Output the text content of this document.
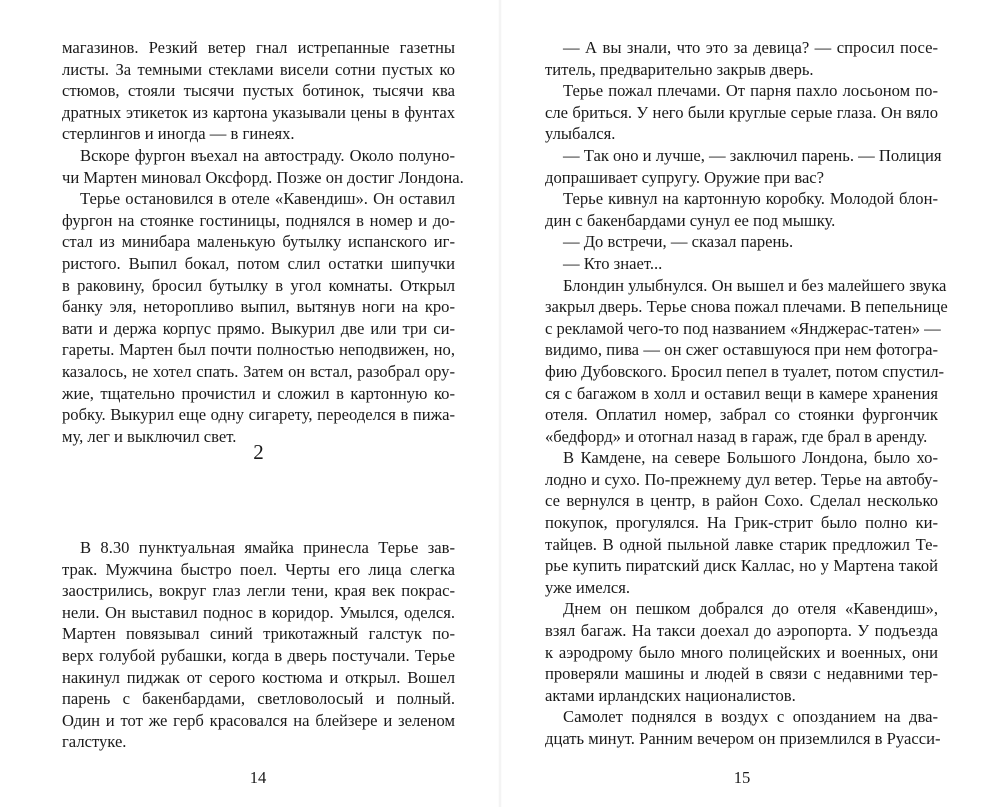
магазинов. Резкий ветер гнал истрепанные газетны
листы. За темными стеклами висели сотни пустых ко
стюмов, стояли тысячи пустых ботинок, тысячи ква
дратных этикеток из картона указывали цены в фунтах
стерлингов и иногда — в гинеях.
Вскоре фургон въехал на автостраду. Около полуно-
чи Мартен миновал Оксфорд. Позже он достиг Лондона.
Терье остановился в отеле «Кавендиш». Он оставил
фургон на стоянке гостиницы, поднялся в номер и до-
стал из минибара маленькую бутылку испанского иг-
ристого. Выпил бокал, потом слил остатки шипучки
в раковину, бросил бутылку в угол комнаты. Открыл
банку эля, неторопливо выпил, вытянув ноги на кро-
вати и держа корпус прямо. Выкурил две или три си-
гареты. Мартен был почти полностью неподвижен, но,
казалось, не хотел спать. Затем он встал, разобрал ору-
жие, тщательно прочистил и сложил в картонную ко-
робку. Выкурил еще одну сигарету, переоделся в пижа-
му, лег и выключил свет.
2
В 8.30 пунктуальная ямайка принесла Терье зав-
трак. Мужчина быстро поел. Черты его лица слегка
заострились, вокруг глаз легли тени, края век покрас-
нели. Он выставил поднос в коридор. Умылся, оделся.
Мартен повязывал синий трикотажный галстук по-
верх голубой рубашки, когда в дверь постучали. Терье
накинул пиджак от серого костюма и открыл. Вошел
парень с бакенбардами, светловолосый и полный.
Один и тот же герб красовался на блейзере и зеленом
галстуке.
14
— А вы знали, что это за девица? — спросил посе-
титель, предварительно закрыв дверь.
Терье пожал плечами. От парня пахло лосьоном по-
сле бриться. У него были круглые серые глаза. Он вяло
улыбался.
— Так оно и лучше, — заключил парень. — Полиция
допрашивает супругу. Оружие при вас?
Терье кивнул на картонную коробку. Молодой блон-
дин с бакенбардами сунул ее под мышку.
— До встречи, — сказал парень.
— Кто знает...
Блондин улыбнулся. Он вышел и без малейшего звука
закрыл дверь. Терье снова пожал плечами. В пепельнице
с рекламой чего-то под названием «Янджерас-татен» —
видимо, пива — он сжег оставшуюся при нем фотогра-
фию Дубовского. Бросил пепел в туалет, потом спустил-
ся с багажом в холл и оставил вещи в камере хранения
отеля. Оплатил номер, забрал со стоянки фургончик
«бедфорд» и отогнал назад в гараж, где брал в аренду.
В Камдене, на севере Большого Лондона, было хо-
лодно и сухо. По-прежнему дул ветер. Терье на автобу-
се вернулся в центр, в район Сохо. Сделал несколько
покупок, прогулялся. На Грик-стрит было полно ки-
тайцев. В одной пыльной лавке старик предложил Те-
рье купить пиратский диск Каллас, но у Мартена такой
уже имелся.
Днем он пешком добрался до отеля «Кавендиш»,
взял багаж. На такси доехал до аэропорта. У подъезда
к аэродрому было много полицейских и военных, они
проверяли машины и людей в связи с недавними тер-
актами ирландских националистов.
Самолет поднялся в воздух с опозданием на два-
дцать минут. Ранним вечером он приземлился в Руасси-
15
